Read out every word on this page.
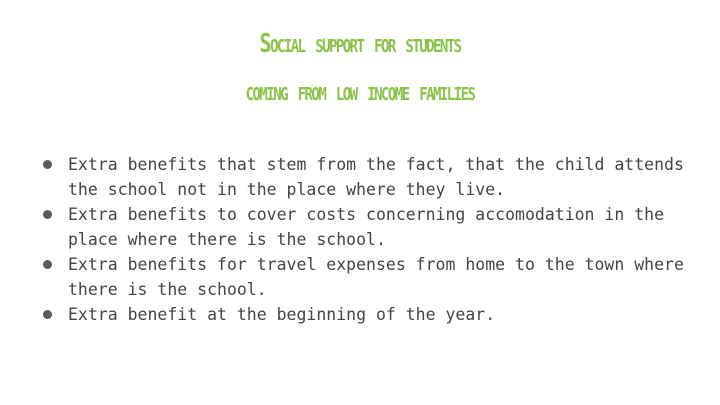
Social support for students
coming from low income families
Extra benefits that stem from the fact, that the child attends the school not in the place where they live.
Extra benefits to cover costs concerning accomodation in the place where there is the school.
Extra benefits for travel expenses from home to the town where there is the school.
Extra benefit at the beginning of the year.
